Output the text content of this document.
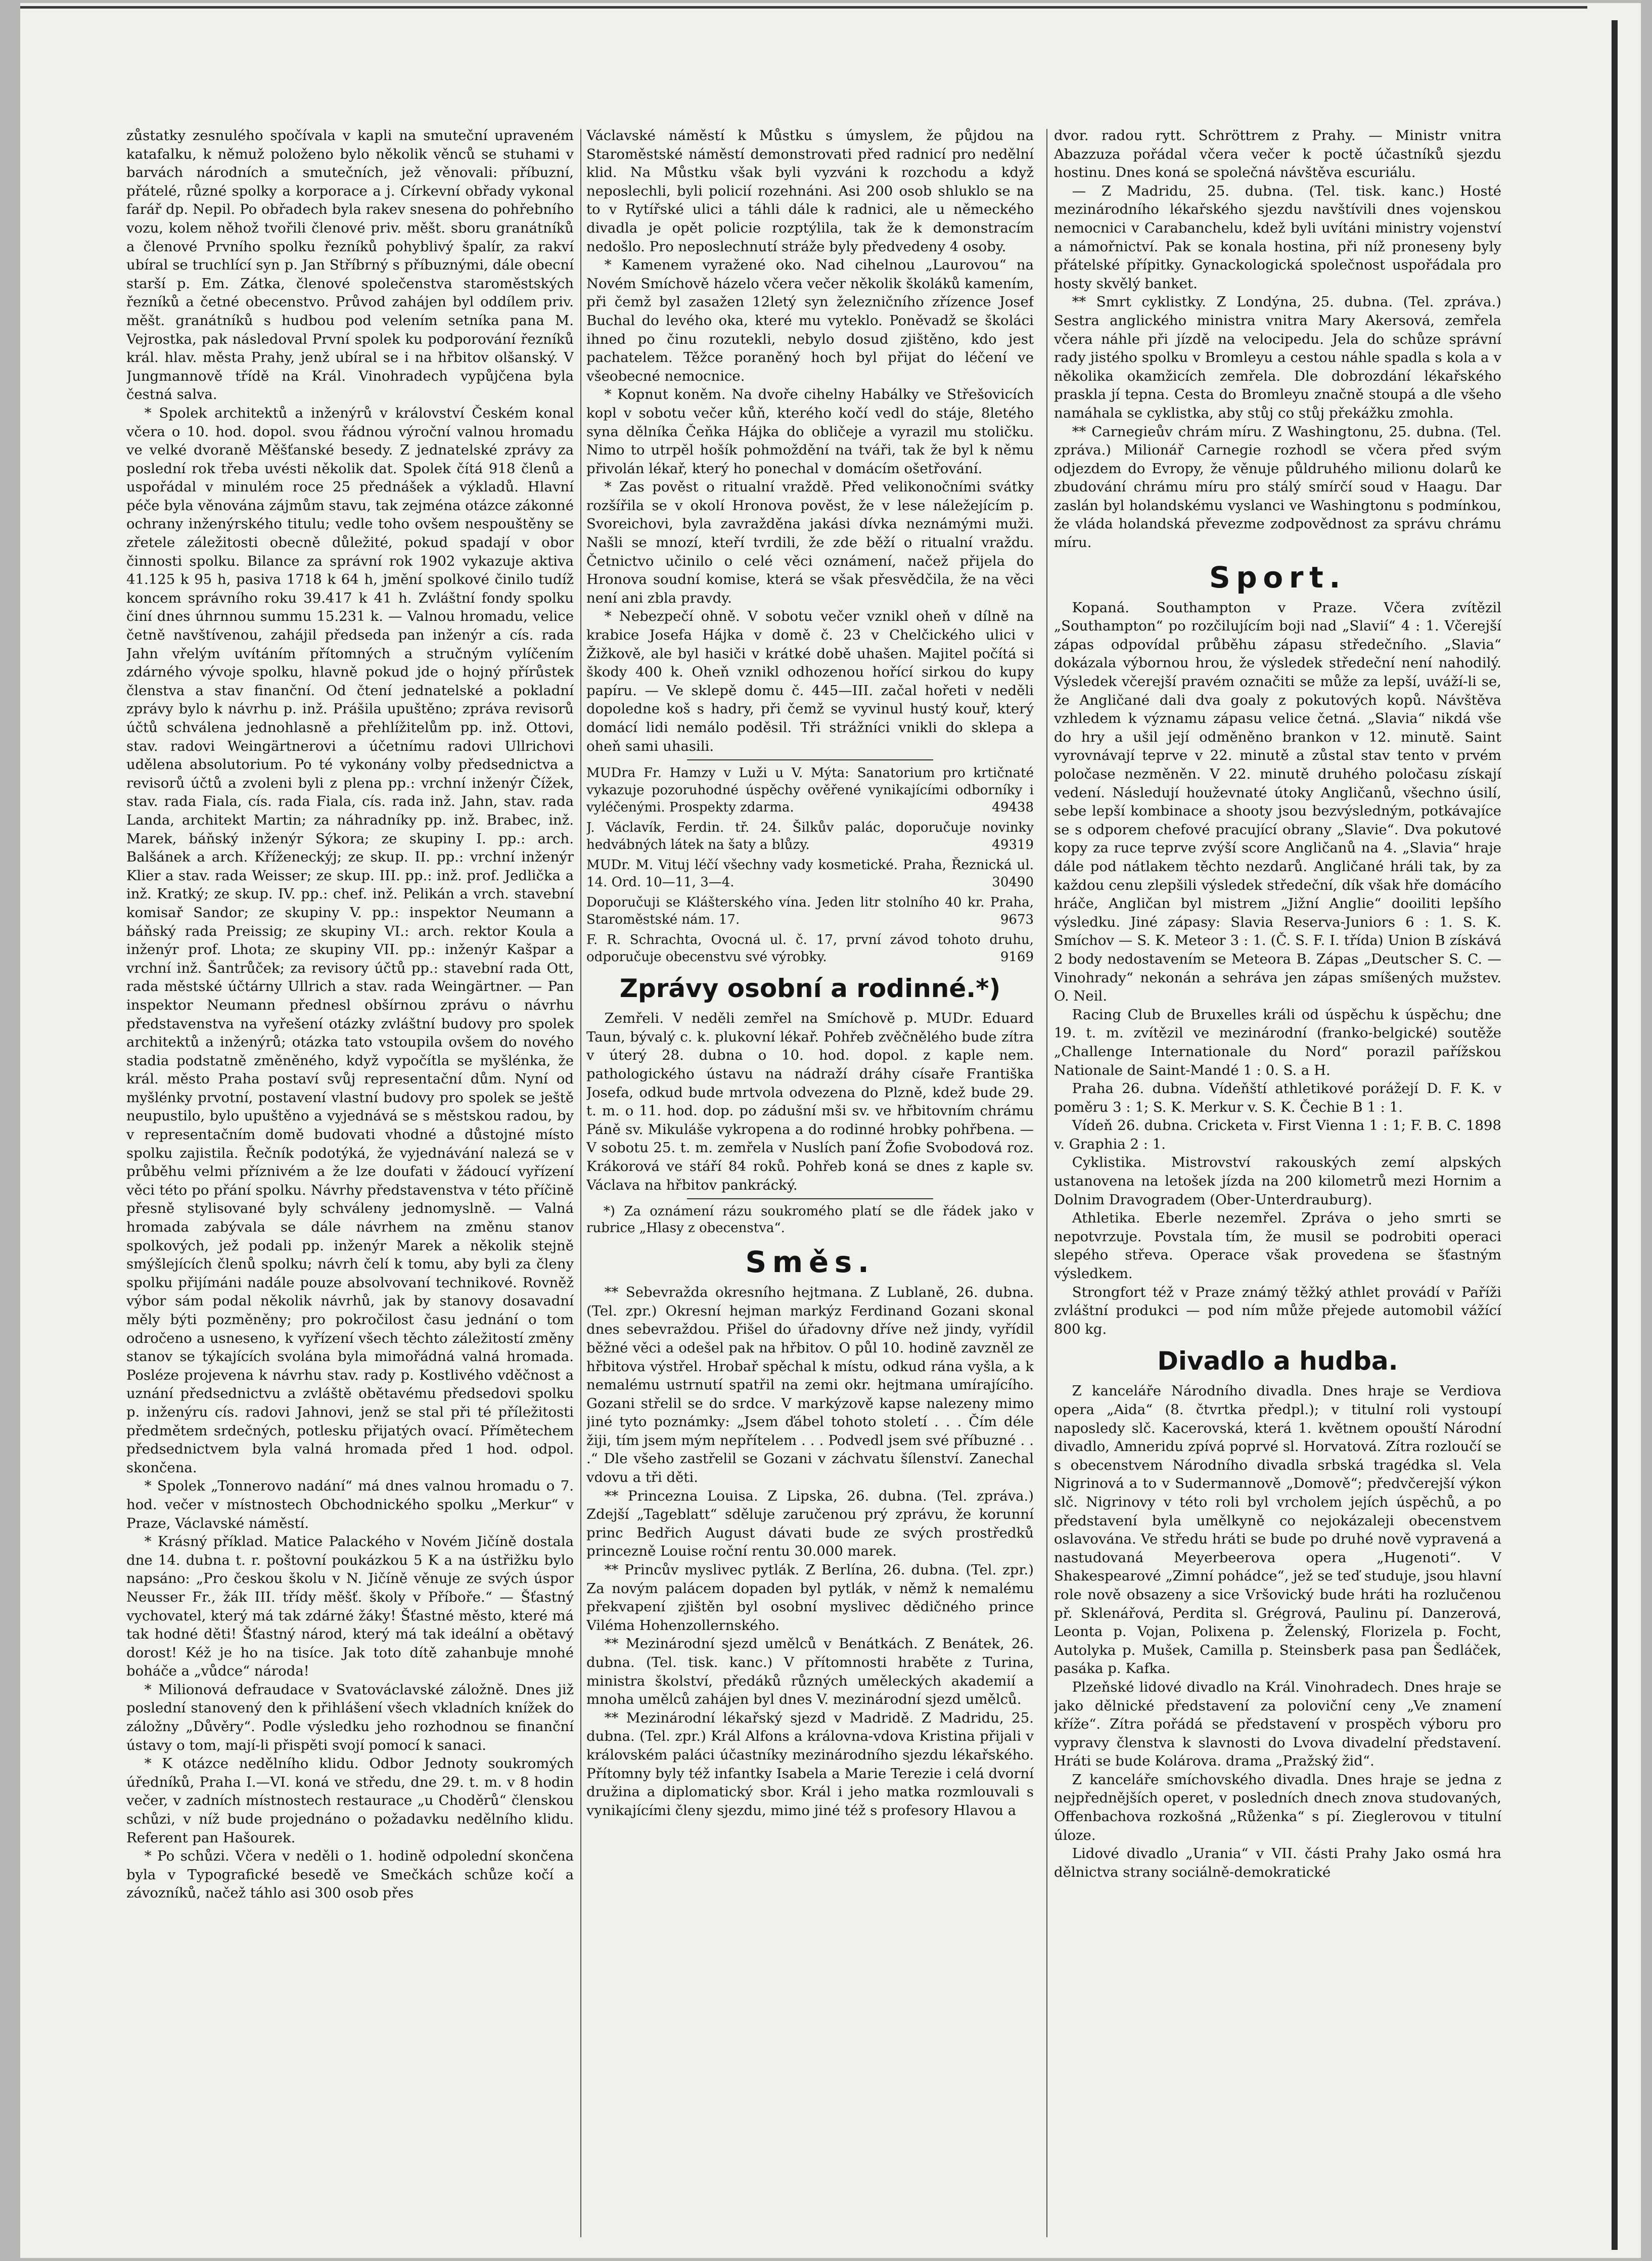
zůstatky zesnulého spočívala v kapli na smuteční upraveném katafalku, k němuž položeno bylo několik věnců se stuhami v barvách národních a smutečních, jež věnovali: příbuzní, přátelé, různé spolky a korporace a j. Církevní obřady vykonal farář dp. Nepil. Po obřadech byla rakev snesena do pohřebního vozu, kolem něhož tvořili členové priv. měšt. sboru granátníků a členové Prvního spolku řezníků pohyblivý špalír, za rakví ubíral se truchlící syn p. Jan Stříbrný s příbuznými, dále obecní starší p. Em. Zátka, členové společenstva staroměstských řezníků a četné obecenstvo. Průvod zahájen byl oddílem priv. měšt. granátníků s hudbou pod velením setníka pana M. Vejrostka, pak následoval První spolek ku podporování řezníků král. hlav. města Prahy, jenž ubíral se i na hřbitov olšanský. V Jungmannově třídě na Král. Vinohradech vypůjčena byla čestná salva.

* Spolek architektů a inženýrů v království Českém konal včera o 10. hod. dopol. svou řádnou výroční valnou hromadu ve velké dvoraně Měšťanské besedy. Z jednatelské zprávy za poslední rok třeba uvésti několik dat. Spolek čítá 918 členů a uspořádal v minulém roce 25 přednášek a výkladů. Hlavní péče byla věnována zájmům stavu, tak zejména otázce zákonné ochrany inženýrského titulu; vedle toho ovšem nespouštěny se zřetele záležitosti obecně důležité, pokud spadají v obor činnosti spolku. Bilance za správní rok 1902 vykazuje aktiva 41.125 k 95 h, pasiva 1718 k 64 h, jmění spolkové činilo tudíž koncem správního roku 39.417 k 41 h. Zvláštní fondy spolku činí dnes úhrnnou summu 15.231 k. — Valnou hromadu, velice četně navštívenou, zahájil předseda pan inženýr a cís. rada Jahn vřelým uvítáním přítomných a stručným vylíčením zdárného vývoje spolku, hlavně pokud jde o hojný přírůstek členstva a stav finanční. Od čtení jednatelské a pokladní zprávy bylo k návrhu p. inž. Prášila upuštěno; zpráva revisorů účtů schválena jednohlasně a přehlížitelům pp. inž. Ottovi, stav. radovi Weingärtnerovi a účetnímu radovi Ullrichovi udělena absolutorium. Po té vykonány volby předsednictva a revisorů účtů a zvoleni byli z plena pp.: vrchní inženýr Čížek, stav. rada Fiala, cís. rada Fiala, cís. rada inž. Jahn, stav. rada Landa, architekt Martin; za náhradníky pp. inž. Brabec, inž. Marek, báňský inženýr Sýkora; ze skupiny I. pp.: arch. Balšánek a arch. Kříženeckýj; ze skup. II. pp.: vrchní inženýr Klier a stav. rada Weisser; ze skup. III. pp.: inž. prof. Jedlička a inž. Kratký; ze skup. IV. pp.: chef. inž. Pelikán a vrch. stavební komisař Sandor; ze skupiny V. pp.: inspektor Neumann a báňský rada Preissig; ze skupiny VI.: arch. rektor Koula a inženýr prof. Lhota; ze skupiny VII. pp.: inženýr Kašpar a vrchní inž. Šantrůček; za revisory účtů pp.: stavební rada Ott, rada městské účtárny Ullrich a stav. rada Weingärtner. — Pan inspektor Neumann přednesl obšírnou zprávu o návrhu představenstva na vyřešení otázky zvláštní budovy pro spolek architektů a inženýrů; otázka tato vstoupila ovšem do nového stadia podstatně změněného, když vypočítla se myšlénka, že král. město Praha postaví svůj representační dům. Nyní od myšlénky prvotní, postavení vlastní budovy pro spolek se ještě neupustilo, bylo upuštěno a vyjednává se s městskou radou, by v representačním domě budovati vhodné a důstojné místo spolku zajistila. Řečník podotýká, že vyjednávání nalezá se v průběhu velmi příznivém a že lze doufati v žádoucí vyřízení věci této po přání spolku. Návrhy představenstva v této příčině přesně stylisované byly schváleny jednomyslně. — Valná hromada zabývala se dále návrhem na změnu stanov spolkových, jež podali pp. inženýr Marek a několik stejně smýšlejících členů spolku; návrh čelí k tomu, aby byli za členy spolku přijímáni nadále pouze absolvovaní technikové. Rovněž výbor sám podal několik návrhů, jak by stanovy dosavadní měly býti pozměněny; pro pokročilost času jednání o tom odročeno a usneseno, k vyřízení všech těchto záležitostí změny stanov se týkajících svolána byla mimořádná valná hromada. Posléze projevena k návrhu stav. rady p. Kostlivého vděčnost a uznání předsednictvu a zvláště obětavému předsedovi spolku p. inženýru cís. radovi Jahnovi, jenž se stal při té příležitosti předmětem srdečných, potlesku přijatých ovací. Přímětechem předsednictvem byla valná hromada před 1 hod. odpol. skončena.

* Spolek „Tonnerovo nadání“ má dnes valnou hromadu o 7. hod. večer v místnostech Obchodnického spolku „Merkur“ v Praze, Václavské náměstí.

* Krásný příklad. Matice Palackého v Novém Jičíně dostala dne 14. dubna t. r. poštovní poukázkou 5 K a na ústřižku bylo napsáno: „Pro českou školu v N. Jičíně věnuje ze svých úspor Neusser Fr., žák III. třídy měšť. školy v Příboře.“ — Šťastný vychovatel, který má tak zdárné žáky! Šťastné město, které má tak hodné děti! Šťastný národ, který má tak ideální a obětavý dorost! Kéž je ho na tisíce. Jak toto dítě zahanbuje mnohé boháče a „vůdce“ národa!

* Milionová defraudace v Svatováclavské záložně. Dnes již poslední stanovený den k přihlášení všech vkladních knížek do záložny „Důvěry“. Podle výsledku jeho rozhodnou se finanční ústavy o tom, mají-li přispěti svojí pomocí k sanaci.

* K otázce nedělního klidu. Odbor Jednoty soukromých úředníků, Praha I.—VI. koná ve středu, dne 29. t. m. v 8 hodin večer, v zadních místnostech restaurace „u Choděrů“ členskou schůzi, v níž bude projednáno o požadavku nedělního klidu. Referent pan Hašourek.

* Po schůzi. Včera v neděli o 1. hodině odpolední skončena byla v Typografické besedě ve Smečkách schůze kočí a závozníků, načež táhlo asi 300 osob přes

Václavské náměstí k Můstku s úmyslem, že půjdou na Staroměstské náměstí demonstrovati před radnicí pro nedělní klid. Na Můstku však byli vyzváni k rozchodu a když neposlechli, byli policií rozehnáni. Asi 200 osob shluklo se na to v Rytířské ulici a táhli dále k radnici, ale u německého divadla je opět policie rozptýlila, tak že k demonstracím nedošlo. Pro neposlechnutí stráže byly předvedeny 4 osoby.

* Kamenem vyražené oko. Nad cihelnou „Laurovou“ na Novém Smíchově házelo včera večer několik školáků kamením, při čemž byl zasažen 12letý syn železničního zřízence Josef Buchal do levého oka, které mu vyteklo. Poněvadž se školáci ihned po činu rozutekli, nebylo dosud zjištěno, kdo jest pachatelem. Těžce poraněný hoch byl přijat do léčení ve všeobecné nemocnice.

* Kopnut koněm. Na dvoře cihelny Habálky ve Střešovicích kopl v sobotu večer kůň, kterého kočí vedl do stáje, 8letého syna dělníka Čeňka Hájka do obličeje a vyrazil mu stoličku. Nimo to utrpěl hošík pohmoždění na tváři, tak že byl k němu přivolán lékař, který ho ponechal v domácím ošetřování.

* Zas pověst o ritualní vraždě. Před velikonočními svátky rozšířila se v okolí Hronova pověst, že v lese náležejícím p. Svoreichovi, byla zavražděna jakási dívka neznámými muži. Našli se mnozí, kteří tvrdili, že zde běží o ritualní vraždu. Četnictvo učinilo o celé věci oznámení, načež přijela do Hronova soudní komise, která se však přesvědčila, že na věci není ani zbla pravdy.

* Nebezpečí ohně. V sobotu večer vznikl oheň v dílně na krabice Josefa Hájka v domě č. 23 v Chelčického ulici v Žižkově, ale byl hasiči v krátké době uhašen. Majitel počítá si škody 400 k. Oheň vznikl odhozenou hořící sirkou do kupy papíru. — Ve sklepě domu č. 445—III. začal hořeti v neděli dopoledne koš s hadry, při čemž se vyvinul hustý kouř, který domácí lidi nemálo poděsil. Tři strážníci vnikli do sklepa a oheň sami uhasili.

MUDra Fr. Hamzy v Luži u V. Mýta: Sanatorium pro krtičnaté vykazuje pozoruhodné úspěchy ověřené vynikajícími odborníky i vyléčenými. Prospekty zdarma.	49438
J. Václavík, Ferdin. tř. 24. Šilkův palác, doporučuje novinky hedvábných látek na šaty a blůzy.	49319
MUDr. M. Vituj léčí všechny vady kosmetické. Praha, Řeznická ul. 14. Ord. 10—11, 3—4.	30490
Doporučuji se Klášterského vína. Jeden litr stolního 40 kr. Praha, Staroměstské nám. 17.	9673
F. R. Schrachta, Ovocná ul. č. 17, první závod tohoto druhu, odporučuje obecenstvu své výrobky.	9169
Zprávy osobní a rodinné.*)

Zemřeli. V neděli zemřel na Smíchově p. MUDr. Eduard Taun, bývalý c. k. plukovní lékař. Pohřeb zvěčnělého bude zítra v úterý 28. dubna o 10. hod. dopol. z kaple nem. pathologického ústavu na nádraží dráhy císaře Františka Josefa, odkud bude mrtvola odvezena do Plzně, kdež bude 29. t. m. o 11. hod. dop. po zádušní mši sv. ve hřbitovním chrámu Páně sv. Mikuláše vykropena a do rodinné hrobky pohřbena. — V sobotu 25. t. m. zemřela v Nuslích paní Žofie Svobodová roz. Krákorová ve stáří 84 roků. Pohřeb koná se dnes z kaple sv. Václava na hřbitov pankrácký.

*) Za oznámení rázu soukromého platí se dle řádek jako v rubrice „Hlasy z obecenstva“.

Směs.

** Sebevražda okresního hejtmana. Z Lublaně, 26. dubna. (Tel. zpr.) Okresní hejman markýz Ferdinand Gozani skonal dnes sebevraždou. Přišel do úřadovny dříve než jindy, vyřídil běžné věci a odešel pak na hřbitov. O půl 10. hodině zavzněl ze hřbitova výstřel. Hrobař spěchal k místu, odkud rána vyšla, a k nemalému ustrnutí spatřil na zemi okr. hejtmana umírajícího. Gozani střelil se do srdce. V markýzově kapse nalezeny mimo jiné tyto poznámky: „Jsem ďábel tohoto století . . . Čím déle žiji, tím jsem mým nepřítelem . . . Podvedl jsem své příbuzné . . .“ Dle všeho zastřelil se Gozani v záchvatu šílenství. Zanechal vdovu a tři děti.

** Princezna Louisa. Z Lipska, 26. dubna. (Tel. zpráva.) Zdejší „Tageblatt“ sděluje zaručenou prý zprávu, že korunní princ Bedřich August dávati bude ze svých prostředků princezně Louise roční rentu 30.000 marek.

** Princův myslivec pytlák. Z Berlína, 26. dubna. (Tel. zpr.) Za novým palácem dopaden byl pytlák, v němž k nemalému překvapení zjištěn byl osobní myslivec dědičného prince Viléma Hohenzollernského.

** Mezinárodní sjezd umělců v Benátkách. Z Benátek, 26. dubna. (Tel. tisk. kanc.) V přítomnosti hraběte z Turina, ministra školství, předáků různých uměleckých akademií a mnoha umělců zahájen byl dnes V. mezinárodní sjezd umělců.

** Mezinárodní lékařský sjezd v Madridě. Z Madridu, 25. dubna. (Tel. zpr.) Král Alfons a královna-vdova Kristina přijali v královském paláci účastníky mezinárodního sjezdu lékařského. Přítomny byly též infantky Isabela a Marie Terezie i celá dvorní družina a diplomatický sbor. Král i jeho matka rozmlouvali s vynikajícími členy sjezdu, mimo jiné též s profesory Hlavou a

dvor. radou rytt. Schröttrem z Prahy. — Ministr vnitra Abazzuza pořádal včera večer k poctě účastníků sjezdu hostinu. Dnes koná se společná návštěva escuriálu.

— Z Madridu, 25. dubna. (Tel. tisk. kanc.) Hosté mezinárodního lékařského sjezdu navštívili dnes vojenskou nemocnici v Carabanchelu, kdež byli uvítáni ministry vojenství a námořnictví. Pak se konala hostina, při níž proneseny byly přátelské přípitky. Gynackologická společnost uspořádala pro hosty skvělý banket.

** Smrt cyklistky. Z Londýna, 25. dubna. (Tel. zpráva.) Sestra anglického ministra vnitra Mary Akersová, zemřela včera náhle při jízdě na velocipedu. Jela do schůze správní rady jistého spolku v Bromleyu a cestou náhle spadla s kola a v několika okamžicích zemřela. Dle dobrozdání lékařského praskla jí tepna. Cesta do Bromleyu značně stoupá a dle všeho namáhala se cyklistka, aby stůj co stůj překážku zmohla.

** Carnegieův chrám míru. Z Washingtonu, 25. dubna. (Tel. zpráva.) Milionář Carnegie rozhodl se včera před svým odjezdem do Evropy, že věnuje půldruhého milionu dolarů ke zbudování chrámu míru pro stálý smírčí soud v Haagu. Dar zaslán byl holandskému vyslanci ve Washingtonu s podmínkou, že vláda holandská převezme zodpovědnost za správu chrámu míru.

Sport.

Kopaná. Southampton v Praze. Včera zvítězil „Southampton“ po rozčilujícím boji nad „Slavií“ 4 : 1. Včerejší zápas odpovídal průběhu zápasu středečního. „Slavia“ dokázala výbornou hrou, že výsledek středeční není nahodilý. Výsledek včerejší pravém označiti se může za lepší, uváží-li se, že Angličané dali dva goaly z pokutových kopů. Návštěva vzhledem k významu zápasu velice četná. „Slavia“ nikdá vše do hry a ušil její odměněno brankon v 12. minutě. Saint vyrovnávají teprve v 22. minutě a zůstal stav tento v prvém poločase nezměněn. V 22. minutě druhého poločasu získají vedení. Následují houževnaté útoky Angličanů, všechno úsilí, sebe lepší kombinace a shooty jsou bezvýsledným, potkávajíce se s odporem chefové pracující obrany „Slavie“. Dva pokutové kopy za ruce teprve zvýší score Angličanů na 4. „Slavia“ hraje dále pod nátlakem těchto nezdarů. Angličané hráli tak, by za každou cenu zlepšili výsledek středeční, dík však hře domácího hráče, Angličan byl mistrem „Jižní Anglie“ dooiliti lepšího výsledku. Jiné zápasy: Slavia Reserva-Juniors 6 : 1. S. K. Smíchov — S. K. Meteor 3 : 1. (Č. S. F. I. třída) Union B získává 2 body nedostavením se Meteora B. Zápas „Deutscher S. C. — Vinohrady“ nekonán a sehráva jen zápas smíšených mužstev. O. Neil.

Racing Club de Bruxelles králi od úspěchu k úspěchu; dne 19. t. m. zvítězil ve mezinárodní (franko-belgické) soutěže „Challenge Internationale du Nord“ porazil pařížskou Nationale de Saint-Mandé 1 : 0. S. a H.

Praha 26. dubna. Vídeňští athletikové porážejí D. F. K. v poměru 3 : 1; S. K. Merkur v. S. K. Čechie B 1 : 1.

Vídeň 26. dubna. Cricketa v. First Vienna 1 : 1; F. B. C. 1898 v. Graphia 2 : 1.

Cyklistika. Mistrovství rakouských zemí alpských ustanovena na letošek jízda na 200 kilometrů mezi Hornim a Dolnim Dravogradem (Ober-Unterdrauburg).

Athletika. Eberle nezemřel. Zpráva o jeho smrti se nepotvrzuje. Povstala tím, že musil se podrobiti operaci slepého střeva. Operace však provedena se šťastným výsledkem.

Strongfort též v Praze známý těžký athlet provádí v Paříži zvláštní produkci — pod ním může přejede automobil vážící 800 kg.

Divadlo a hudba.

Z kanceláře Národního divadla. Dnes hraje se Verdiova opera „Aida“ (8. čtvrtka předpl.); v titulní roli vystoupí naposledy slč. Kacerovská, která 1. květnem opouští Národní divadlo, Amneridu zpívá poprvé sl. Horvatová. Zítra rozloučí se s obecenstvem Národního divadla srbská tragédka sl. Vela Nigrinová a to v Sudermannově „Domově“; předvčerejší výkon slč. Nigrinovy v této roli byl vrcholem jejích úspěchů, a po představení byla umělkyně co nejokázaleji obecenstvem oslavována. Ve středu hráti se bude po druhé nově vypravená a nastudovaná Meyerbeerova opera „Hugenoti“. V Shakespearové „Zimní pohádce“, jež se teď studuje, jsou hlavní role nově obsazeny a sice Vršovický bude hráti ha rozlučenou př. Sklenářová, Perdita sl. Grégrová, Paulinu pí. Danzerová, Leonta p. Vojan, Polixena p. Želenský, Florizela p. Focht, Autolyka p. Mušek, Camilla p. Steinsberk pasa pan Šedláček, pasáka p. Kafka.

Plzeňské lidové divadlo na Král. Vinohradech. Dnes hraje se jako dělnické představení za poloviční ceny „Ve znamení kříže“. Zítra pořádá se představení v prospěch výboru pro vypravy členstva k slavnosti do Lvova divadelní představení. Hráti se bude Kolárova. drama „Pražský žid“.

Z kanceláře smíchovského divadla. Dnes hraje se jedna z nejpřednějších operet, v posledních dnech znova studovaných, Offenbachova rozkošná „Růženka“ s pí. Zieglerovou v titulní úloze.

Lidové divadlo „Urania“ v VII. části Prahy Jako osmá hra dělnictva strany sociálně-demokratické
